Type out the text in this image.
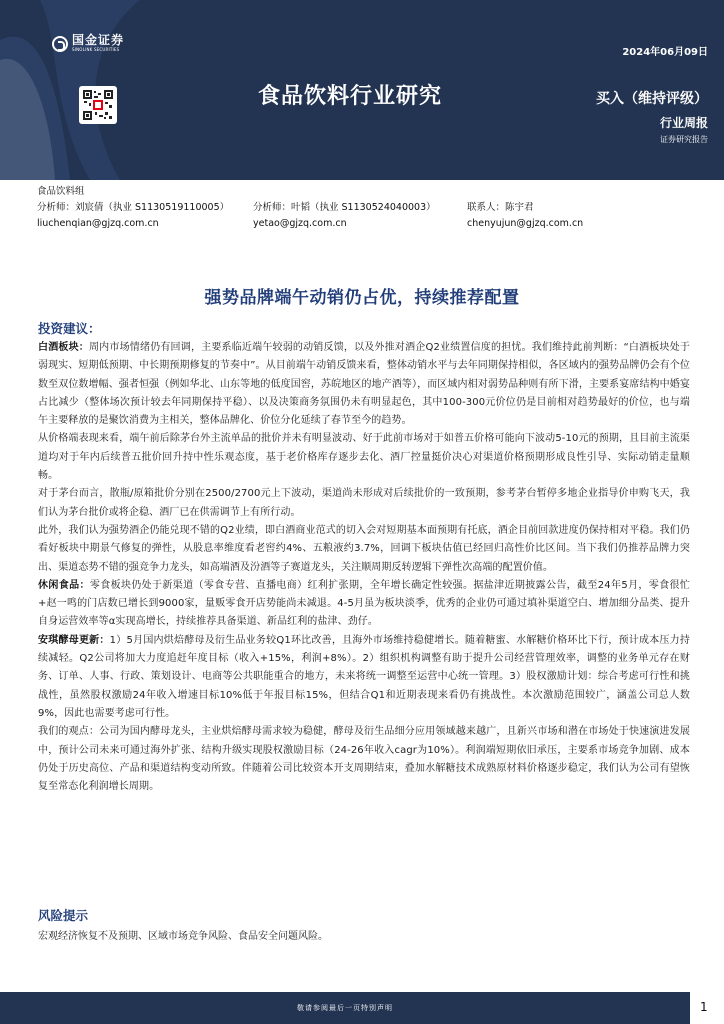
国金证券
SINOLINK SECURITIES	2024年06月09日
食品饮料行业研究	买入（维持评级）
行业周报
证券研究报告
食品饮料组
分析师：刘宸倩（执业 S1130519110005）	分析师：叶韬（执业 S1130524040003）	联系人：陈宇君
liuchenqian@gjzq.com.cn	yetao@gjzq.com.cn	chenyujun@gjzq.com.cn
强势品牌端午动销仍占优，持续推荐配置
投资建议：

白酒板块：周内市场情绪仍有回调，主要系临近端午较弱的动销反馈，以及外推对酒企Q2业绩置信度的担忧。我们维持此前判断：“白酒板块处于弱现实、短期低预期、中长期预期修复的节奏中”。从目前端午动销反馈来看，整体动销水平与去年同期保持相似，各区域内的强势品牌仍会有个位数至双位数增幅、强者恒强（例如华北、山东等地的低度国窖，苏皖地区的地产酒等），而区域内相对弱势品种则有所下滑，主要系宴席结构中婚宴占比减少（整体场次预计较去年同期保持平稳）、以及决策商务氛围仍未有明显起色，其中100-300元价位仍是目前相对趋势最好的价位，也与端午主要释放的是聚饮消费为主相关，整体品牌化、价位分化延续了春节至今的趋势。

从价格端表现来看，端午前后除茅台外主流单品的批价并未有明显波动、好于此前市场对于如普五价格可能向下波动5-10元的预期，且目前主流渠道均对于年内后续普五批价回升持中性乐观态度，基于老价格库存逐步去化、酒厂控量挺价决心对渠道价格预期形成良性引导、实际动销走量顺畅。

对于茅台而言，散瓶/原箱批价分别在2500/2700元上下波动，渠道尚未形成对后续批价的一致预期，参考茅台暂停多地企业指导价申购飞天，我们认为茅台批价或将企稳、酒厂已在供需调节上有所行动。

此外，我们认为强势酒企仍能兑现不错的Q2业绩，即白酒商业范式的切入会对短期基本面预期有托底，酒企目前回款进度仍保持相对平稳。我们仍看好板块中期景气修复的弹性，从股息率维度看老窖约4%、五粮液约3.7%，回调下板块估值已经回归高性价比区间。当下我们仍推荐品牌力突出、渠道态势不错的强竞争力龙头，如高端酒及汾酒等子赛道龙头，关注顺周期反转逻辑下弹性次高端的配置价值。

休闲食品：零食板块仍处于新渠道（零食专营、直播电商）红利扩张期，全年增长确定性较强。据盐津近期披露公告，截至24年5月，零食很忙+赵一鸣的门店数已增长到9000家，量贩零食开店势能尚未减退。4-5月虽为板块淡季，优秀的企业仍可通过填补渠道空白、增加细分品类、提升自身运营效率等α实现高增长，持续推荐具备渠道、新品红利的盐津、劲仔。

安琪酵母更新：1）5月国内烘焙酵母及衍生品业务较Q1环比改善，且海外市场维持稳健增长。随着糖蜜、水解糖价格环比下行，预计成本压力持续减轻。Q2公司将加大力度追赶年度目标（收入+15%，利润+8%）。2）组织机构调整有助于提升公司经营管理效率，调整的业务单元存在财务、订单、人事、行政、策划设计、电商等公共职能重合的地方，未来将统一调整至运营中心统一管理。3）股权激励计划：综合考虑可行性和挑战性，虽然股权激励24年收入增速目标10%低于年报目标15%，但结合Q1和近期表现来看仍有挑战性。本次激励范围较广，涵盖公司总人数9%，因此也需要考虑可行性。

我们的观点：公司为国内酵母龙头，主业烘焙酵母需求较为稳健，酵母及衍生品细分应用领域越来越广，且新兴市场和潜在市场处于快速演进发展中，预计公司未来可通过海外扩张、结构升级实现股权激励目标（24-26年收入cagr为10%）。利润端短期依旧承压，主要系市场竞争加剧、成本仍处于历史高位、产品和渠道结构变动所致。伴随着公司比较资本开支周期结束，叠加水解糖技术成熟原材料价格逐步稳定，我们认为公司有望恢复至常态化利润增长周期。

风险提示
宏观经济恢复不及预期、区域市场竞争风险、食品安全问题风险。
敬请参阅最后一页特别声明	1
